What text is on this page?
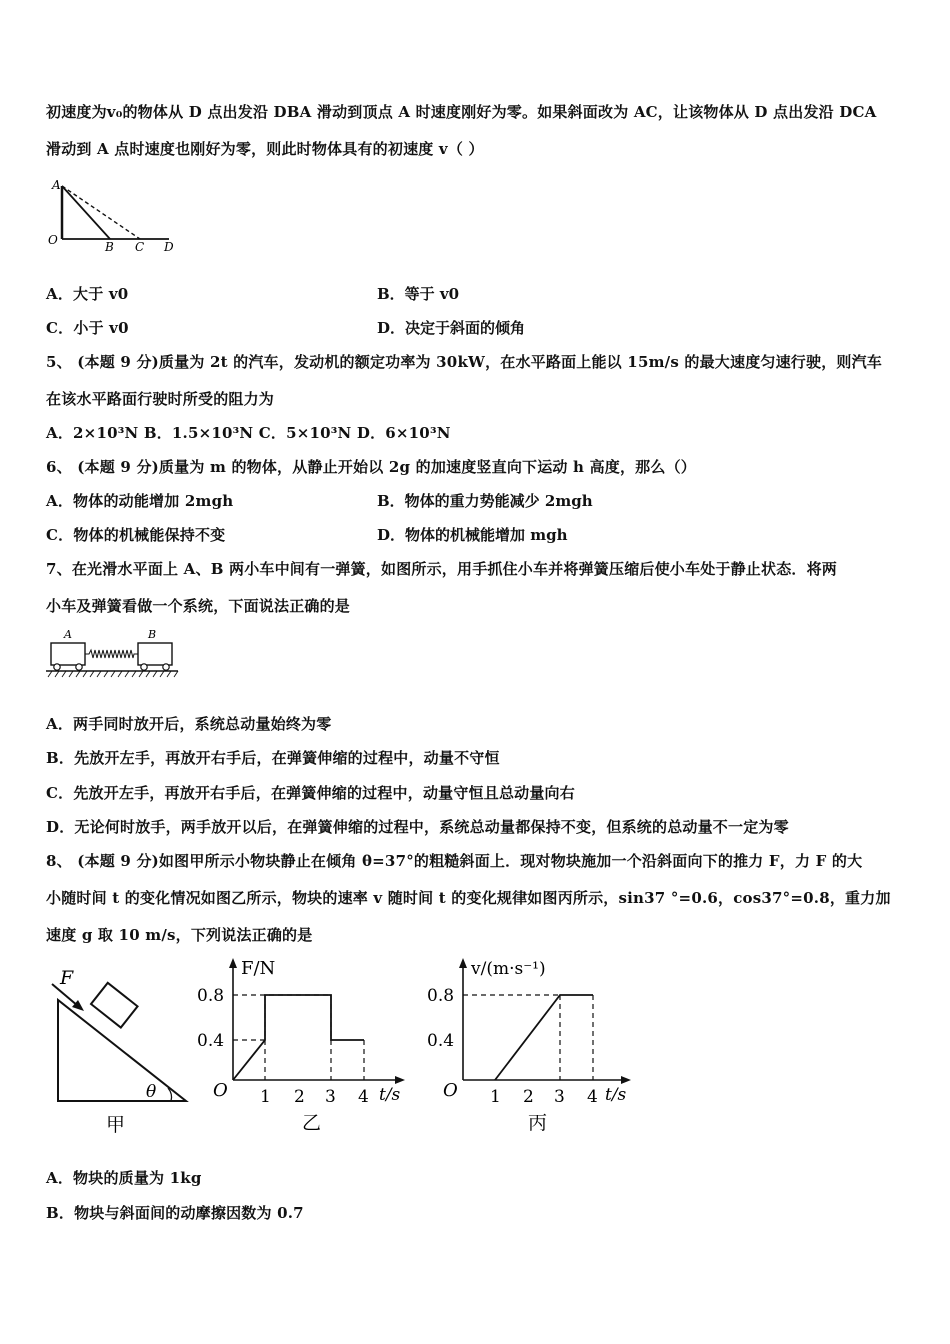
初速度为v₀的物体从 D 点出发沿 DBA 滑动到顶点 A 时速度刚好为零。如果斜面改为 AC，让该物体从 D 点出发沿 DCA
滑动到 A 点时速度也刚好为零，则此时物体具有的初速度 v（ ）
A
O	B C D
A．大于 v0	B．等于 v0
C．小于 v0	D．决定于斜面的倾角
5、 (本题 9 分)质量为 2t 的汽车，发动机的额定功率为 30kW，在水平路面上能以 15m/s 的最大速度匀速行驶，则汽车
在该水平路面行驶时所受的阻力为
A．2×10³N B．1.5×10³N C．5×10³N D．6×10³N
6、 (本题 9 分)质量为 m 的物体，从静止开始以 2g 的加速度竖直向下运动 h 高度，那么（）
A．物体的动能增加 2mgh	B．物体的重力势能减少 2mgh
C．物体的机械能保持不变	D．物体的机械能增加 mgh
7、在光滑水平面上 A、B 两小车中间有一弹簧，如图所示，用手抓住小车并将弹簧压缩后使小车处于静止状态．将两
小车及弹簧看做一个系统，下面说法正确的是
A	B
A．两手同时放开后，系统总动量始终为零
B．先放开左手，再放开右手后，在弹簧伸缩的过程中，动量不守恒
C．先放开左手，再放开右手后，在弹簧伸缩的过程中，动量守恒且总动量向右
D．无论何时放手，两手放开以后，在弹簧伸缩的过程中，系统总动量都保持不变，但系统的总动量不一定为零
8、 (本题 9 分)如图甲所示小物块静止在倾角 θ=37°的粗糙斜面上．现对物块施加一个沿斜面向下的推力 F，力 F 的大
小随时间 t 的变化情况如图乙所示，物块的速率 v 随时间 t 的变化规律如图丙所示，sin37 °=0.6，cos37°=0.8，重力加
速度 g 取 10 m/s，下列说法正确的是
F
θ
甲
F/N
t/s
O
0.8
0.4
1 2 3 4
乙
v/(m·s⁻¹)
t/s
O
0.8
0.4
1 2 3 4
丙
A．物块的质量为 1kg
B．物块与斜面间的动摩擦因数为 0.7
